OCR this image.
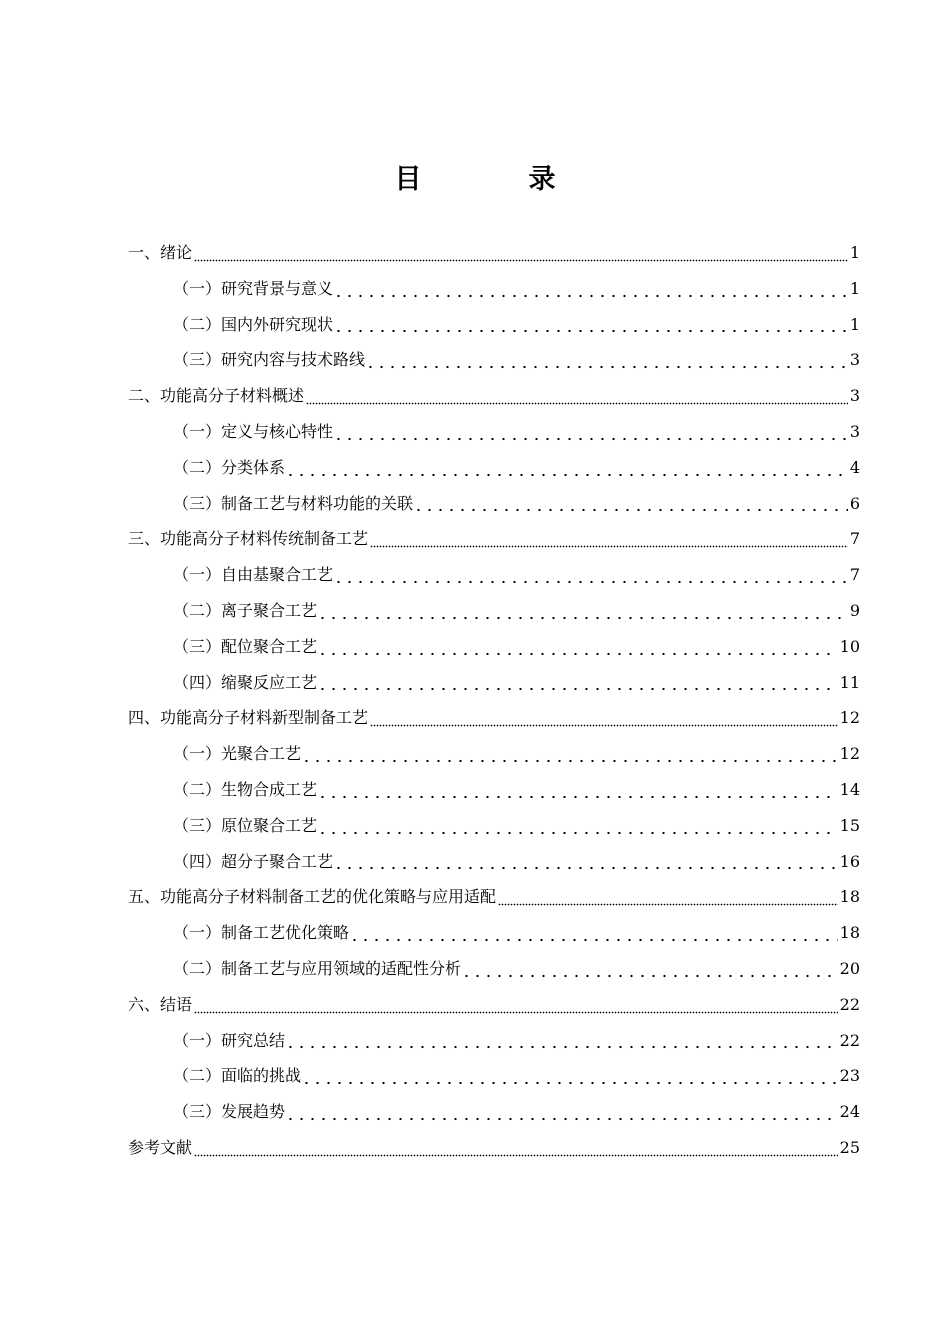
目　录
一、绪论	1
（一）研究背景与意义	1
（二）国内外研究现状	1
（三）研究内容与技术路线	3
二、功能高分子材料概述	3
（一）定义与核心特性	3
（二）分类体系	4
（三）制备工艺与材料功能的关联	6
三、功能高分子材料传统制备工艺	7
（一）自由基聚合工艺	7
（二）离子聚合工艺	9
（三）配位聚合工艺	10
（四）缩聚反应工艺	11
四、功能高分子材料新型制备工艺	12
（一）光聚合工艺	12
（二）生物合成工艺	14
（三）原位聚合工艺	15
（四）超分子聚合工艺	16
五、功能高分子材料制备工艺的优化策略与应用适配	18
（一）制备工艺优化策略	18
（二）制备工艺与应用领域的适配性分析	20
六、结语	22
（一）研究总结	22
（二）面临的挑战	23
（三）发展趋势	24
参考文献	25
